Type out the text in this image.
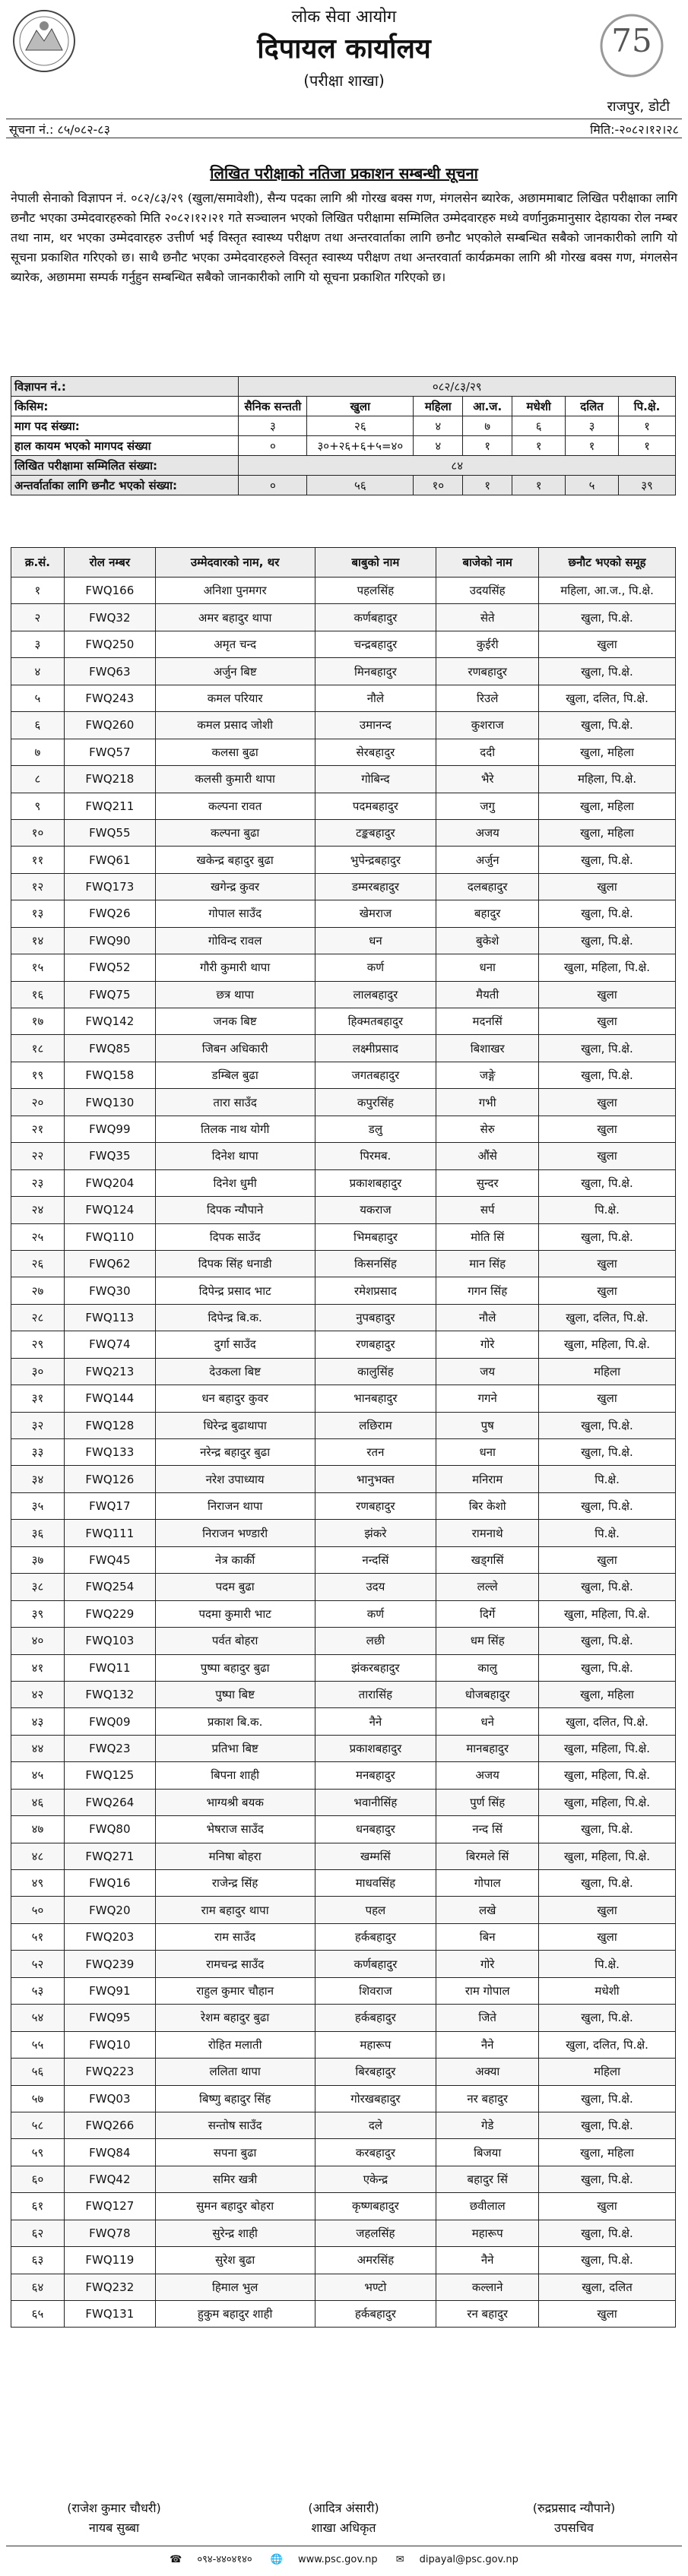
लोक सेवा आयोग
दिपायल कार्यालय
(परीक्षा शाखा)
75
राजपुर, डोटी
सूचना नं.: ८५/०८२-८३	मिति:-२०८२।१२।२८
लिखित परीक्षाको नतिजा प्रकाशन सम्बन्धी सूचना
नेपाली सेनाको विज्ञापन नं. ०८२/८३/२९ (खुला/समावेशी), सैन्य पदका लागि श्री गोरख बक्स गण, मंगलसेन ब्यारेक, अछाममाबाट लिखित परीक्षाका लागि छनौट भएका उम्मेदवारहरुको मिति २०८२।१२।२१ गते सञ्चालन भएको लिखित परीक्षामा सम्मिलित उम्मेदवारहरु मध्ये वर्णानुक्रमानुसार देहायका रोल नम्बर तथा नाम, थर भएका उम्मेदवारहरु उत्तीर्ण भई विस्तृत स्वास्थ्य परीक्षण तथा अन्तरवार्ताका लागि छनौट भएकोले सम्बन्धित सबैको जानकारीको लागि यो सूचना प्रकाशित गरिएको छ। साथै छनौट भएका उम्मेदवारहरुले विस्तृत स्वास्थ्य परीक्षण तथा अन्तरवार्ता कार्यक्रमका लागि श्री गोरख बक्स गण, मंगलसेन ब्यारेक, अछाममा सम्पर्क गर्नुहुन सम्बन्धित सबैको जानकारीको लागि यो सूचना प्रकाशित गरिएको छ।
विज्ञापन नं.:	०८२/८३/२९						
किसिम:	सैनिक सन्तती	खुला	महिला	आ.ज.	मधेशी	दलित	पि.क्षे.
माग पद संख्या:	३	२६	४	७	६	३	१
हाल कायम भएको मागपद संख्या	०	३०+२६+६+५=४०	४	१	१	१	१
लिखित परीक्षामा सम्मिलित संख्या:	८४						
अन्तर्वार्ताका लागि छनौट भएको संख्या:	०	५६	१०	१	१	५	३९
क्र.सं.	रोल नम्बर	उम्मेदवारको नाम, थर	बाबुको नाम	बाजेको नाम	छनौट भएको समूह
१	FWQ166	अनिशा पुनमगर	पहलसिंह	उदयसिंह	महिला, आ.ज., पि.क्षे.
२	FWQ32	अमर बहादुर थापा	कर्णबहादुर	सेते	खुला, पि.क्षे.
३	FWQ250	अमृत चन्द	चन्द्रबहादुर	कुईरी	खुला
४	FWQ63	अर्जुन बिष्ट	मिनबहादुर	रणबहादुर	खुला, पि.क्षे.
५	FWQ243	कमल परियार	नौले	रिउले	खुला, दलित, पि.क्षे.
६	FWQ260	कमल प्रसाद जोशी	उमानन्द	कुशराज	खुला, पि.क्षे.
७	FWQ57	कलसा बुढा	सेरबहादुर	ददी	खुला, महिला
८	FWQ218	कलसी कुमारी थापा	गोबिन्द	भैरे	महिला, पि.क्षे.
९	FWQ211	कल्पना रावत	पदमबहादुर	जगु	खुला, महिला
१०	FWQ55	कल्पना बुढा	टङ्कबहादुर	अजय	खुला, महिला
११	FWQ61	खकेन्द्र बहादुर बुढा	भुपेन्द्रबहादुर	अर्जुन	खुला, पि.क्षे.
१२	FWQ173	खगेन्द्र कुवर	डम्मरबहादुर	दलबहादुर	खुला
१३	FWQ26	गोपाल साउँद	खेमराज	बहादुर	खुला, पि.क्षे.
१४	FWQ90	गोविन्द रावल	धन	बुकेशे	खुला, पि.क्षे.
१५	FWQ52	गौरी कुमारी थापा	कर्ण	धना	खुला, महिला, पि.क्षे.
१६	FWQ75	छत्र थापा	लालबहादुर	मैयती	खुला
१७	FWQ142	जनक बिष्ट	हिक्मतबहादुर	मदनसिं	खुला
१८	FWQ85	जिबन अधिकारी	लक्ष्मीप्रसाद	बिशाखर	खुला, पि.क्षे.
१९	FWQ158	डम्बिल बुढा	जगतबहादुर	जङ्गे	खुला, पि.क्षे.
२०	FWQ130	तारा साउँद	कपुरसिंह	गभी	खुला
२१	FWQ99	तिलक नाथ योगी	डलु	सेरु	खुला
२२	FWQ35	दिनेश थापा	पिरमब.	औंसे	खुला
२३	FWQ204	दिनेश धुमी	प्रकाशबहादुर	सुन्दर	खुला, पि.क्षे.
२४	FWQ124	दिपक न्यौपाने	यकराज	सर्प	पि.क्षे.
२५	FWQ110	दिपक साउँद	भिमबहादुर	मोति सिं	खुला, पि.क्षे.
२६	FWQ62	दिपक सिंह धनाडी	किसनसिंह	मान सिंह	खुला
२७	FWQ30	दिपेन्द्र प्रसाद भाट	रमेशप्रसाद	गगन सिंह	खुला
२८	FWQ113	दिपेन्द्र बि.क.	नुपबहादुर	नौले	खुला, दलित, पि.क्षे.
२९	FWQ74	दुर्गा साउँद	रणबहादुर	गोरे	खुला, महिला, पि.क्षे.
३०	FWQ213	देउकला बिष्ट	कालुसिंह	जय	महिला
३१	FWQ144	धन बहादुर कुवर	भानबहादुर	गगने	खुला
३२	FWQ128	धिरेन्द्र बुढाथापा	लछिराम	पुष	खुला, पि.क्षे.
३३	FWQ133	नरेन्द्र बहादुर बुढा	रतन	धना	खुला, पि.क्षे.
३४	FWQ126	नरेश उपाध्याय	भानुभक्त	मनिराम	पि.क्षे.
३५	FWQ17	निराजन थापा	रणबहादुर	बिर केशो	खुला, पि.क्षे.
३६	FWQ111	निराजन भण्डारी	झंकरे	रामनाथे	पि.क्षे.
३७	FWQ45	नेत्र कार्की	नन्दसिं	खड्गसिं	खुला
३८	FWQ254	पदम बुढा	उदय	लल्ले	खुला, पि.क्षे.
३९	FWQ229	पदमा कुमारी भाट	कर्ण	दिर्गे	खुला, महिला, पि.क्षे.
४०	FWQ103	पर्वत बोहरा	लछी	धम सिंह	खुला, पि.क्षे.
४१	FWQ11	पुष्पा बहादुर बुढा	झंकरबहादुर	कालु	खुला, पि.क्षे.
४२	FWQ132	पुष्पा बिष्ट	तारासिंह	धोजबहादुर	खुला, महिला
४३	FWQ09	प्रकाश बि.क.	नैने	धने	खुला, दलित, पि.क्षे.
४४	FWQ23	प्रतिभा बिष्ट	प्रकाशबहादुर	मानबहादुर	खुला, महिला, पि.क्षे.
४५	FWQ125	बिपना शाही	मनबहादुर	अजय	खुला, महिला, पि.क्षे.
४६	FWQ264	भाग्यश्री बयक	भवानीसिंह	पुर्ण सिंह	खुला, महिला, पि.क्षे.
४७	FWQ80	भेषराज साउँद	धनबहादुर	नन्द सिं	खुला, पि.क्षे.
४८	FWQ271	मनिषा बोहरा	खम्मसिं	बिरमले सिं	खुला, महिला, पि.क्षे.
४९	FWQ16	राजेन्द्र सिंह	माधवसिंह	गोपाल	खुला, पि.क्षे.
५०	FWQ20	राम बहादुर थापा	पहल	लखे	खुला
५१	FWQ203	राम साउँद	हर्कबहादुर	बिन	खुला
५२	FWQ239	रामचन्द्र साउँद	कर्णबहादुर	गोरे	पि.क्षे.
५३	FWQ91	राहुल कुमार चौहान	शिवराज	राम गोपाल	मधेशी
५४	FWQ95	रेशम बहादुर बुढा	हर्कबहादुर	जिते	खुला, पि.क्षे.
५५	FWQ10	रोहित मलाती	महारूप	नैने	खुला, दलित, पि.क्षे.
५६	FWQ223	ललिता थापा	बिरबहादुर	अक्या	महिला
५७	FWQ03	बिष्णु बहादुर सिंह	गोरखबहादुर	नर बहादुर	खुला, पि.क्षे.
५८	FWQ266	सन्तोष साउँद	दले	गेडे	खुला, पि.क्षे.
५९	FWQ84	सपना बुढा	करबहादुर	बिजया	खुला, महिला
६०	FWQ42	समिर खत्री	एकेन्द्र	बहादुर सिं	खुला, पि.क्षे.
६१	FWQ127	सुमन बहादुर बोहरा	कृष्णबहादुर	छवीलाल	खुला
६२	FWQ78	सुरेन्द्र शाही	जहलसिंह	महारूप	खुला, पि.क्षे.
६३	FWQ119	सुरेश बुढा	अमरसिंह	नैने	खुला, पि.क्षे.
६४	FWQ232	हिमाल भुल	भण्टो	कल्लाने	खुला, दलित
६५	FWQ131	हुकुम बहादुर शाही	हर्कबहादुर	रन बहादुर	खुला
(राजेश कुमार चौधरी)
नायब सुब्बा
(आदित्र अंसारी)
शाखा अधिकृत
(रुद्रप्रसाद न्यौपाने)
उपसचिव
☎ ०९४-४४०४१४० 🌐 www.psc.gov.np ✉ dipayal@psc.gov.np
